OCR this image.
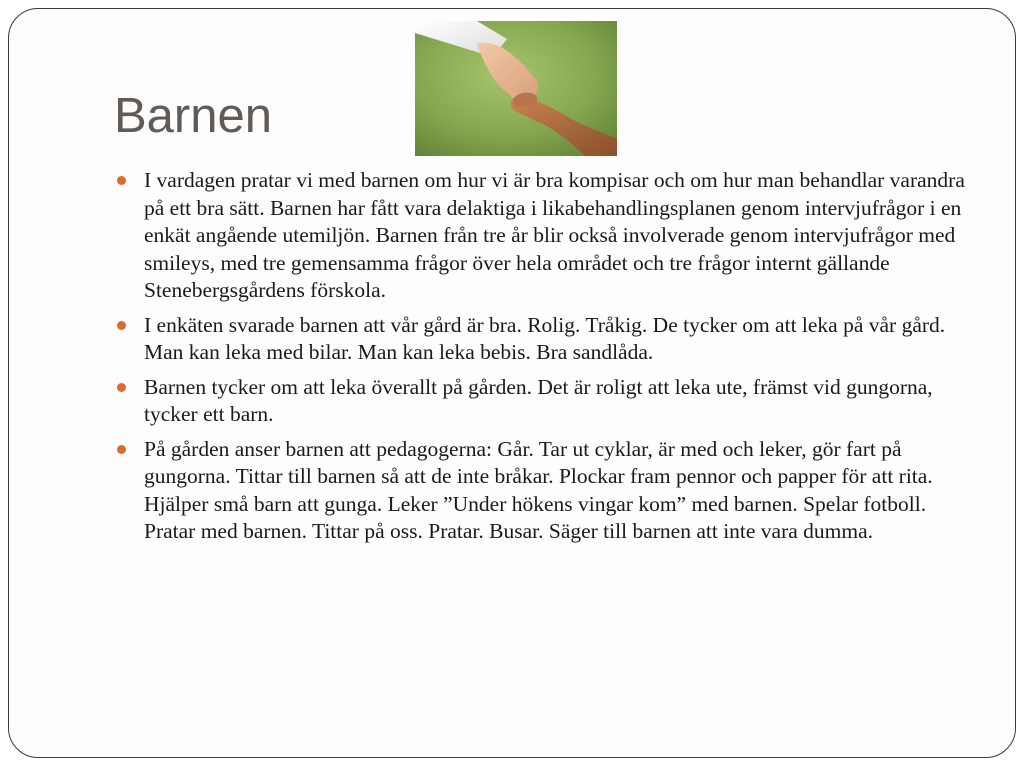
Barnen
I vardagen pratar vi med barnen om hur vi är bra kompisar och om hur man behandlar varandra på ett bra sätt. Barnen har fått vara delaktiga i likabehandlingsplanen genom intervjufrågor i en enkät angående utemiljön. Barnen från tre år blir också involverade genom intervjufrågor med smileys, med tre gemensamma frågor över hela området och tre frågor internt gällande Stenebergsgårdens förskola.
I enkäten svarade barnen att vår gård är bra. Rolig. Tråkig. De tycker om att leka på vår gård. Man kan leka med bilar. Man kan leka bebis. Bra sandlåda.
Barnen tycker om att leka överallt på gården. Det är roligt att leka ute, främst vid gungorna, tycker ett barn.
På gården anser barnen att pedagogerna: Går. Tar ut cyklar, är med och leker, gör fart på gungorna. Tittar till barnen så att de inte bråkar. Plockar fram pennor och papper för att rita. Hjälper små barn att gunga. Leker ”Under hökens vingar kom” med barnen. Spelar fotboll. Pratar med barnen. Tittar på oss. Pratar. Busar. Säger till barnen att inte vara dumma.
